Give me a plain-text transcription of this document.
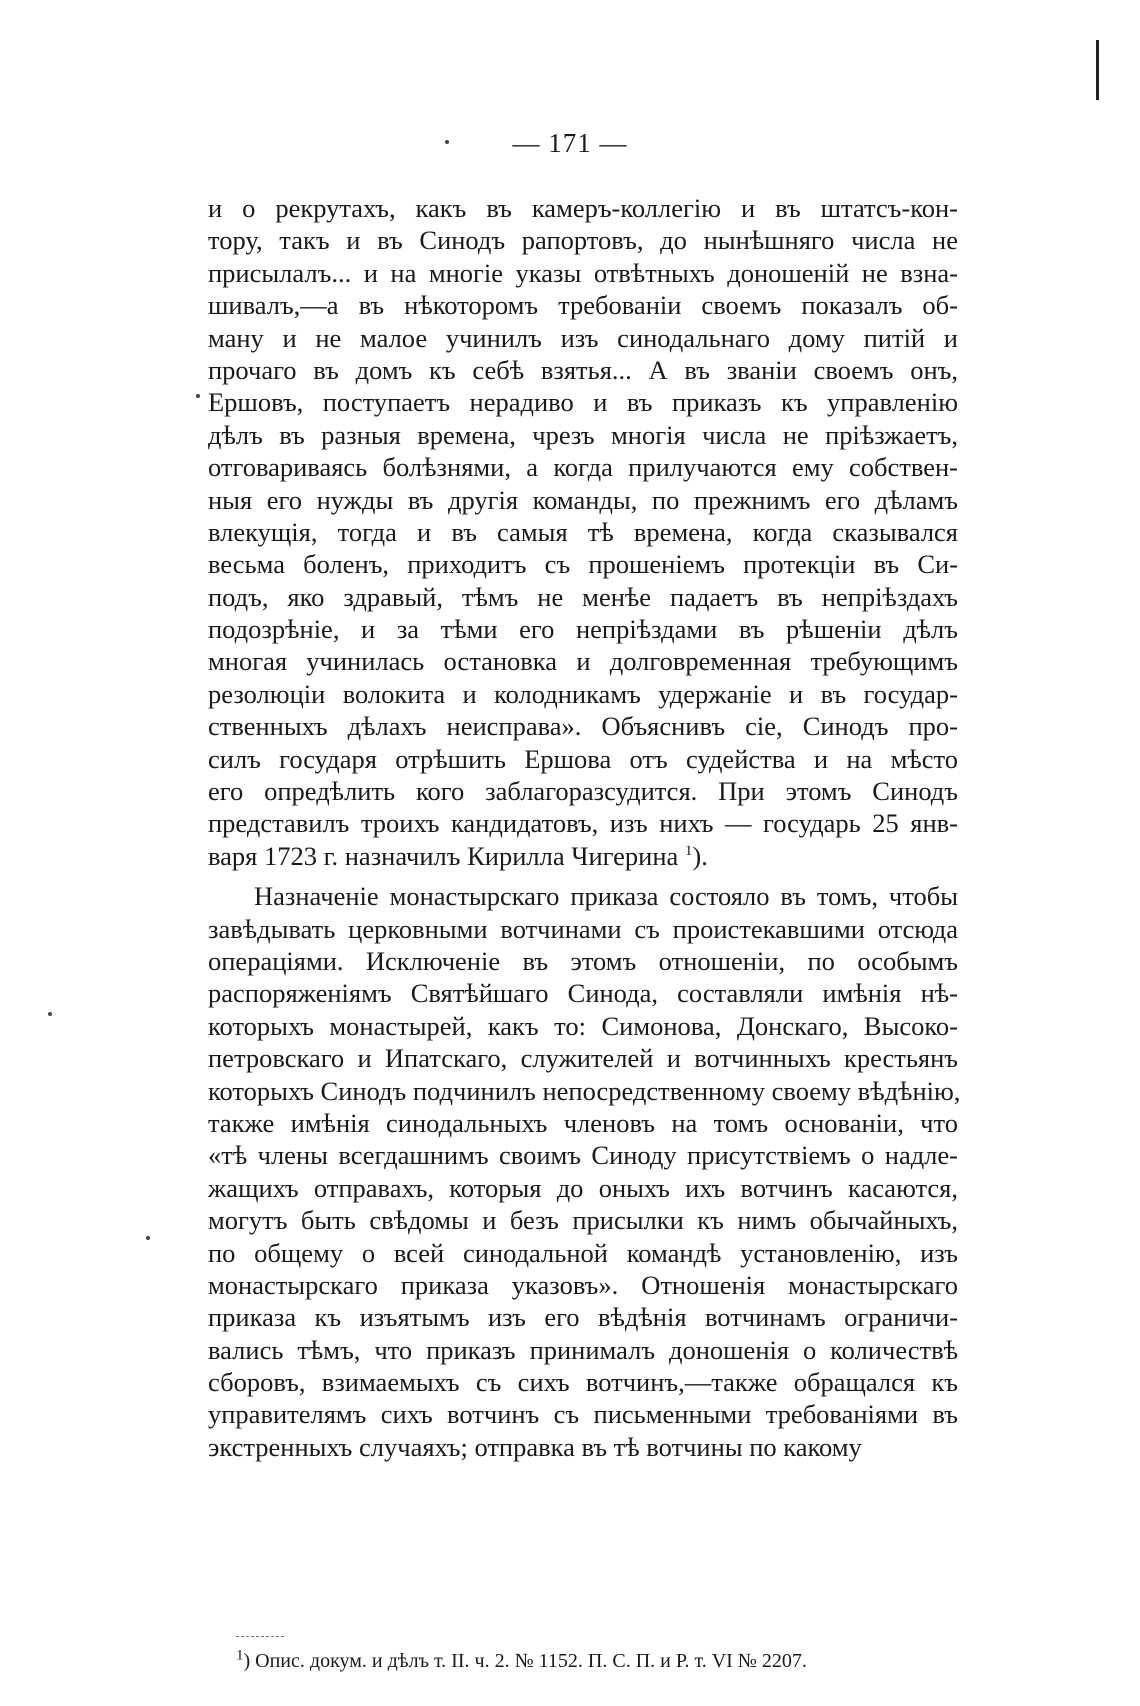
— 171 —
и о рекрутахъ, какъ въ камеръ-коллегію и въ штатсъ-кон-
тору, такъ и въ Синодъ рапортовъ, до нынѣшняго числа не
присылалъ... и на многіе указы отвѣтныхъ доношеній не взна-
шивалъ,—а въ нѣкоторомъ требованіи своемъ показалъ об-
ману и не малое учинилъ изъ синодальнаго дому питій и
прочаго въ домъ къ себѣ взятья... А въ званіи своемъ онъ,
Ершовъ, поступаетъ нерадиво и въ приказъ къ управленію
дѣлъ въ разныя времена, чрезъ многія числа не пріѣзжаетъ,
отговариваясь болѣзнями, а когда прилучаются ему собствен-
ныя его нужды въ другія команды, по прежнимъ его дѣламъ
влекущія, тогда и въ самыя тѣ времена, когда сказывался
весьма боленъ, приходитъ съ прошеніемъ протекціи въ Си-
подъ, яко здравый, тѣмъ не менѣе падаетъ въ непріѣздахъ
подозрѣніе, и за тѣми его непріѣздами въ рѣшеніи дѣлъ
многая учинилась остановка и долговременная требующимъ
резолюціи волокита и колодникамъ удержаніе и въ государ-
ственныхъ дѣлахъ неисправа». Объяснивъ сіе, Синодъ про-
силъ государя отрѣшить Ершова отъ судейства и на мѣсто
его опредѣлить кого заблагоразсудится. При этомъ Синодъ
представилъ троихъ кандидатовъ, изъ нихъ — государь 25 янв-
варя 1723 г. назначилъ Кирилла Чигерина $^1$).
Назначеніе монастырскаго приказа состояло въ томъ, чтобы
завѣдывать церковными вотчинами съ проистекавшими отсюда
операціями. Исключеніе въ этомъ отношеніи, по особымъ
распоряженіямъ Святѣйшаго Синода, составляли имѣнія нѣ-
которыхъ монастырей, какъ то: Симонова, Донскаго, Высоко-
петровскаго и Ипатскаго, служителей и вотчинныхъ крестьянъ
которыхъ Синодъ подчинилъ непосредственному своему вѣдѣнію,
также имѣнія синодальныхъ членовъ на томъ основаніи, что
«тѣ члены всегдашнимъ своимъ Синоду присутствіемъ о надле-
жащихъ отправахъ, которыя до оныхъ ихъ вотчинъ касаются,
могутъ быть свѣдомы и безъ присылки къ нимъ обычайныхъ,
по общему о всей синодальной командѣ установленію, изъ
монастырскаго приказа указовъ». Отношенія монастырскаго
приказа къ изъятымъ изъ его вѣдѣнія вотчинамъ ограничи-
вались тѣмъ, что приказъ принималъ доношенія о количествѣ
сборовъ, взимаемыхъ съ сихъ вотчинъ,—также обращался къ
управителямъ сихъ вотчинъ съ письменными требованіями въ
экстренныхъ случаяхъ; отправка въ тѣ вотчины по какому
$^1$) Опис. докум. и дѣлъ т. II. ч. 2. № 1152. П. С. П. и Р. т. VI № 2207.
